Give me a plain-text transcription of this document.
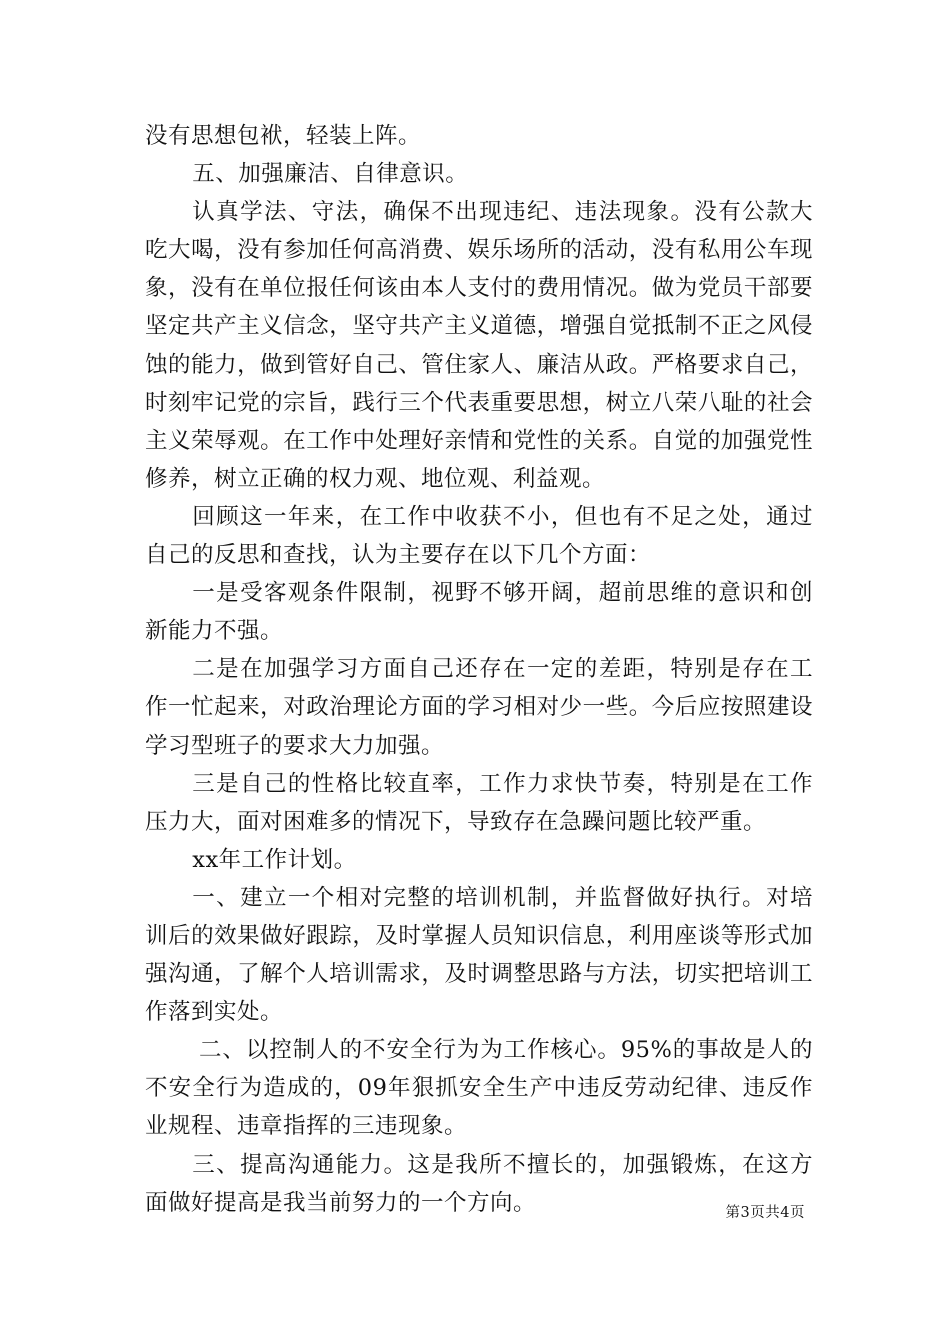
没有思想包袱，轻装上阵。

五、加强廉洁、自律意识。

认真学法、守法，确保不出现违纪、违法现象。没有公款大吃大喝，没有参加任何高消费、娱乐场所的活动，没有私用公车现象，没有在单位报任何该由本人支付的费用情况。做为党员干部要坚定共产主义信念，坚守共产主义道德，增强自觉抵制不正之风侵蚀的能力，做到管好自己、管住家人、廉洁从政。严格要求自己，时刻牢记党的宗旨，践行三个代表重要思想，树立八荣八耻的社会主义荣辱观。在工作中处理好亲情和党性的关系。自觉的加强党性修养，树立正确的权力观、地位观、利益观。

回顾这一年来，在工作中收获不小，但也有不足之处，通过自己的反思和查找，认为主要存在以下几个方面：

一是受客观条件限制，视野不够开阔，超前思维的意识和创新能力不强。

二是在加强学习方面自己还存在一定的差距，特别是存在工作一忙起来，对政治理论方面的学习相对少一些。今后应按照建设学习型班子的要求大力加强。

三是自己的性格比较直率，工作力求快节奏，特别是在工作压力大，面对困难多的情况下，导致存在急躁问题比较严重。

xx年工作计划。

一、建立一个相对完整的培训机制，并监督做好执行。对培训后的效果做好跟踪，及时掌握人员知识信息，利用座谈等形式加强沟通，了解个人培训需求，及时调整思路与方法，切实把培训工作落到实处。

二、以控制人的不安全行为为工作核心。95%的事故是人的不安全行为造成的，09年狠抓安全生产中违反劳动纪律、违反作业规程、违章指挥的三违现象。

三、提高沟通能力。这是我所不擅长的，加强锻炼，在这方面做好提高是我当前努力的一个方向。	第3页共4页
